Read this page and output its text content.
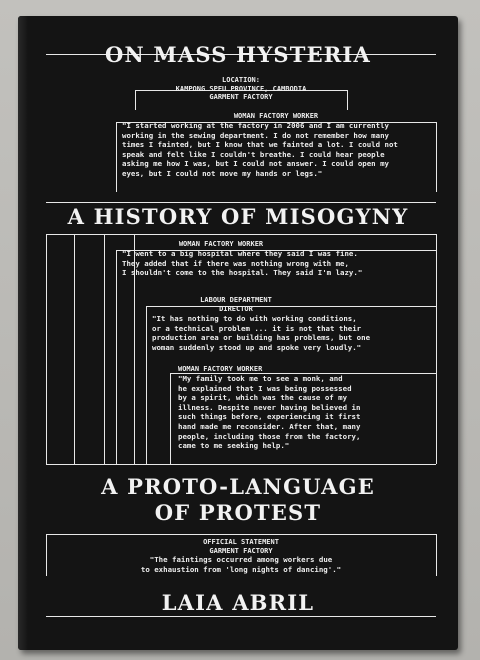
ON MASS HYSTERIA
LOCATION:
KAMPONG SPEU PROVINCE, CAMBODIA
GARMENT FACTORY
WOMAN FACTORY WORKER
"I started working at the factory in 2006 and I am currently
working in the sewing department. I do not remember how many
times I fainted, but I know that we fainted a lot. I could not
speak and felt like I couldn't breathe. I could hear people
asking me how I was, but I could not answer. I could open my
eyes, but I could not move my hands or legs."
A HISTORY OF MISOGYNY
WOMAN FACTORY WORKER
"I went to a big hospital where they said I was fine.
They added that if there was nothing wrong with me,
I shouldn't come to the hospital. They said I'm lazy."
LABOUR DEPARTMENT
DIRECTOR
"It has nothing to do with working conditions,
or a technical problem ... it is not that their
production area or building has problems, but one
woman suddenly stood up and spoke very loudly."
WOMAN FACTORY WORKER
"My family took me to see a monk, and
he explained that I was being possessed
by a spirit, which was the cause of my
illness. Despite never having believed in
such things before, experiencing it first
hand made me reconsider. After that, many
people, including those from the factory,
came to me seeking help."
A PROTO-LANGUAGE
OF PROTEST
OFFICIAL STATEMENT
GARMENT FACTORY
"The faintings occurred among workers due
to exhaustion from 'long nights of dancing'."
LAIA ABRIL
